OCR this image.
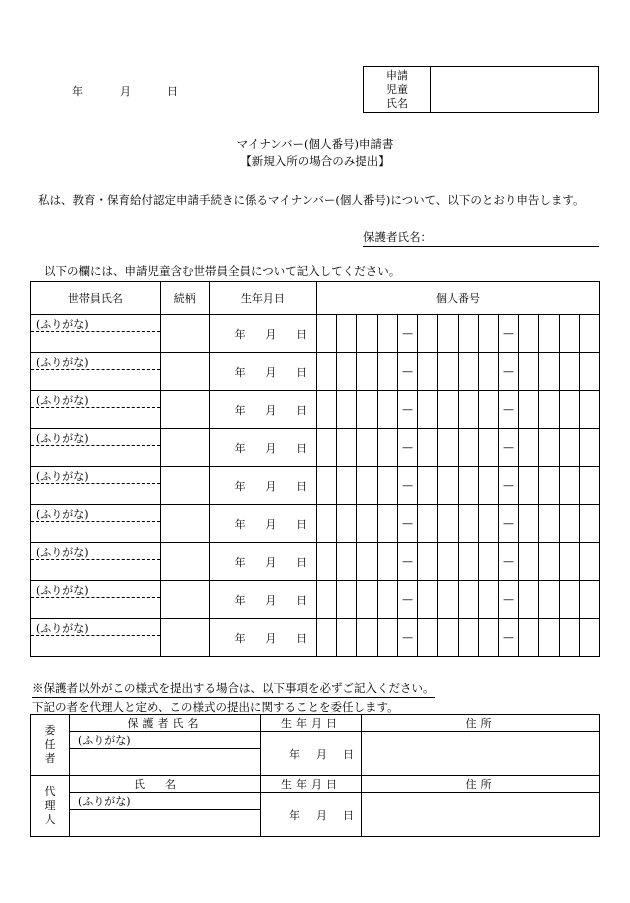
年	月	日
申請
児童
氏名

マイナンバー(個人番号)申請書
【新規入所の場合のみ提出】
私は、教育・保育給付認定申請手続きに係るマイナンバー(個人番号)について、以下のとおり申告します。
保護者氏名：
以下の欄には、申請児童含む世帯員全員について記入してください。
世帯員氏名	続柄	生年月日	個人番号													

(ふりがな)		年 月 日					—					—				

(ふりがな)		年 月 日					—					—				

(ふりがな)		年 月 日					—					—				

(ふりがな)		年 月 日					—					—				

(ふりがな)		年 月 日					—					—				

(ふりがな)		年 月 日					—					—				

(ふりがな)		年 月 日					—					—				

(ふりがな)		年 月 日					—					—				

(ふりがな)		年 月 日					—					—				
※保護者以外がこの様式を提出する場合は、以下事項を必ずご記入ください。
下記の者を代理人と定め、この様式の提出に関することを委任します。
委
任
者	保護者氏名	生年月日	住所
	(ふりがな)	年 月 日	

代
理
人	氏名	生年月日	住所
	(ふりがな)	年 月 日	
